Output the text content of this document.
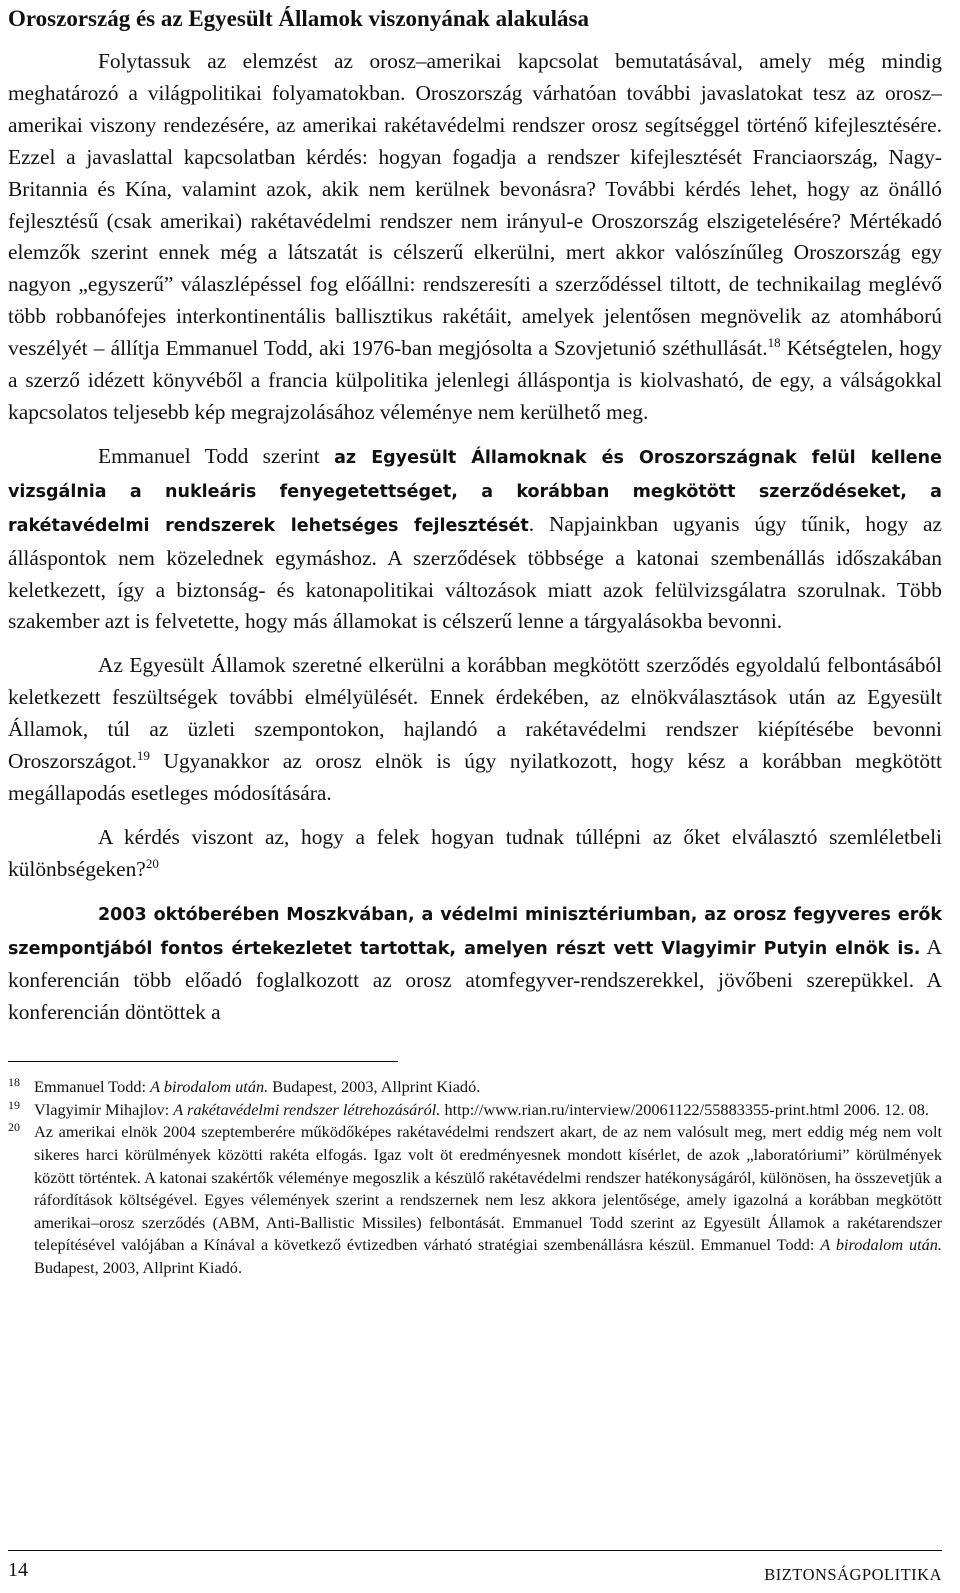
Oroszország és az Egyesült Államok viszonyának alakulása

Folytassuk az elemzést az orosz–amerikai kapcsolat bemutatásával, amely még mindig meghatározó a világpolitikai folyamatokban. Oroszország várhatóan további javaslatokat tesz az orosz–amerikai viszony rendezésére, az amerikai rakétavédelmi rendszer orosz segítséggel történő kifejlesztésére. Ezzel a javaslattal kapcsolatban kérdés: hogyan fogadja a rendszer kifejlesztését Franciaország, Nagy-Britannia és Kína, valamint azok, akik nem kerülnek bevonásra? További kérdés lehet, hogy az önálló fejlesztésű (csak amerikai) rakétavédelmi rendszer nem irányul-e Oroszország elszigetelésére? Mértékadó elemzők szerint ennek még a látszatát is célszerű elkerülni, mert akkor valószínűleg Oroszország egy nagyon „egyszerű” válaszlépéssel fog előállni: rendszeresíti a szerződéssel tiltott, de technikailag meglévő több robbanófejes interkontinentális ballisztikus rakétáit, amelyek jelentősen megnövelik az atomháború veszélyét – állítja Emmanuel Todd, aki 1976-ban megjósolta a Szovjetunió széthullását.$^{18}$ Kétségtelen, hogy a szerző idézett könyvéből a francia külpolitika jelenlegi álláspontja is kiolvasható, de egy, a válságokkal kapcsolatos teljesebb kép megrajzolásához véleménye nem kerülhető meg.

Emmanuel Todd szerint az Egyesült Államoknak és Oroszországnak felül kellene vizsgálnia a nukleáris fenyegetettséget, a korábban megkötött szerződéseket, a rakétavédelmi rendszerek lehetséges fejlesztését. Napjainkban ugyanis úgy tűnik, hogy az álláspontok nem közelednek egymáshoz. A szerződések többsége a katonai szembenállás időszakában keletkezett, így a biztonság- és katonapolitikai változások miatt azok felülvizsgálatra szorulnak. Több szakember azt is felvetette, hogy más államokat is célszerű lenne a tárgyalásokba bevonni.

Az Egyesült Államok szeretné elkerülni a korábban megkötött szerződés egyoldalú felbontásából keletkezett feszültségek további elmélyülését. Ennek érdekében, az elnökválasztások után az Egyesült Államok, túl az üzleti szempontokon, hajlandó a rakétavédelmi rendszer kiépítésébe bevonni Oroszországot.$^{19}$ Ugyanakkor az orosz elnök is úgy nyilatkozott, hogy kész a korábban megkötött megállapodás esetleges módosítására.

A kérdés viszont az, hogy a felek hogyan tudnak túllépni az őket elválasztó szemléletbeli különbségeken?$^{20}$

2003 októberében Moszkvában, a védelmi minisztériumban, az orosz fegyveres erők szempontjából fontos értekezletet tartottak, amelyen részt vett Vlagyimir Putyin elnök is. A konferencián több előadó foglalkozott az orosz atomfegyver-rendszerekkel, jövőbeni szerepükkel. A konferencián döntöttek a

18 Emmanuel Todd: A birodalom után. Budapest, 2003, Allprint Kiadó.
19 Vlagyimir Mihajlov: A rakétavédelmi rendszer létrehozásáról. http://www.rian.ru/interview/20061122/55883355-print.html 2006. 12. 08.
20 Az amerikai elnök 2004 szeptemberére működőképes rakétavédelmi rendszert akart, de az nem valósult meg, mert eddig még nem volt sikeres harci körülmények közötti rakéta elfogás. Igaz volt öt eredményesnek mondott kísérlet, de azok „laboratóriumi” körülmények között történtek. A katonai szakértők véleménye megoszlik a készülő rakétavédelmi rendszer hatékonyságáról, különösen, ha összevetjük a ráfordítások költségével. Egyes vélemények szerint a rendszernek nem lesz akkora jelentősége, amely igazolná a korábban megkötött amerikai–orosz szerződés (ABM, Anti-Ballistic Missiles) felbontását. Emmanuel Todd szerint az Egyesült Államok a rakétarendszer telepítésével valójában a Kínával a következő évtizedben várható stratégiai szembenállásra készül. Emmanuel Todd: A birodalom után. Budapest, 2003, Allprint Kiadó.
14	BIZTONSÁGPOLITIKA
